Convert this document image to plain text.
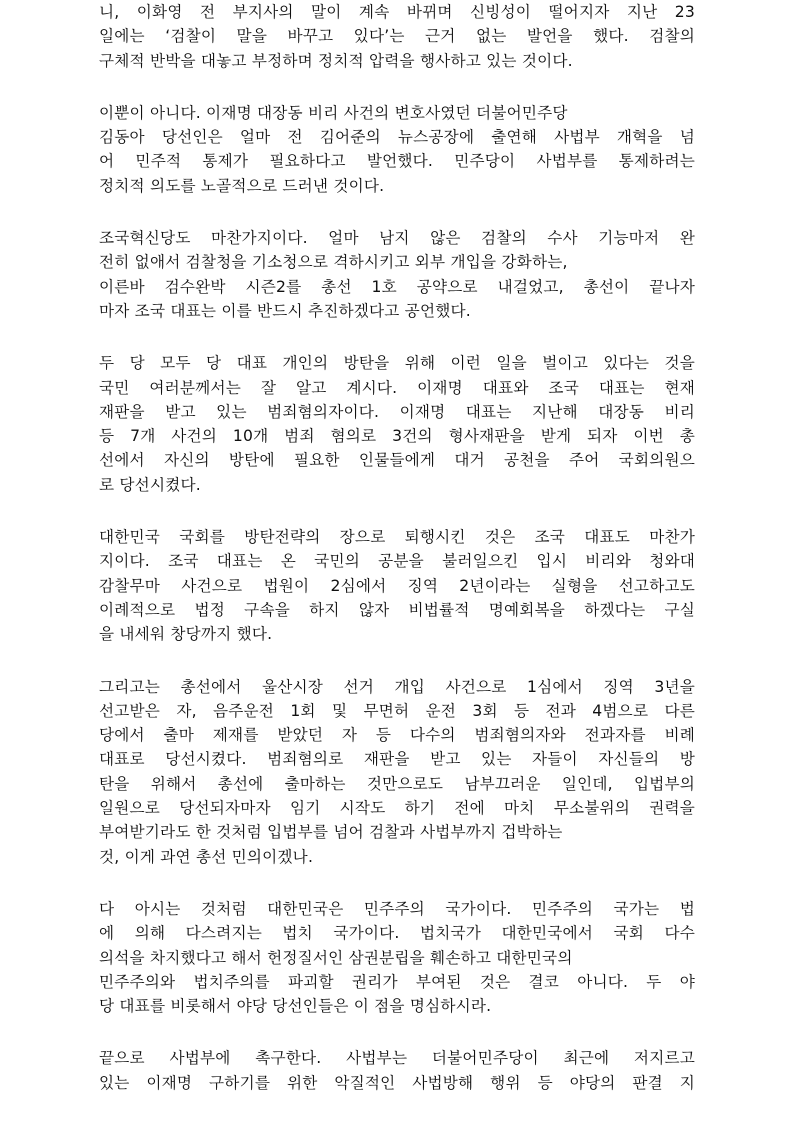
니, 이화영 전 부지사의 말이 계속 바뀌며 신빙성이 떨어지자 지난 23
일에는 ‘검찰이 말을 바꾸고 있다’는 근거 없는 발언을 했다. 검찰의
구체적 반박을 대놓고 부정하며 정치적 압력을 행사하고 있는 것이다.
이뿐이 아니다. 이재명 대장동 비리 사건의 변호사였던 더불어민주당
김동아 당선인은 얼마 전 김어준의 뉴스공장에 출연해 사법부 개혁을 넘
어 민주적 통제가 필요하다고 발언했다. 민주당이 사법부를 통제하려는
정치적 의도를 노골적으로 드러낸 것이다.
조국혁신당도 마찬가지이다. 얼마 남지 않은 검찰의 수사 기능마저 완
전히 없애서 검찰청을 기소청으로 격하시키고 외부 개입을 강화하는,
이른바 검수완박 시즌2를 총선 1호 공약으로 내걸었고, 총선이 끝나자
마자 조국 대표는 이를 반드시 추진하겠다고 공언했다.
두 당 모두 당 대표 개인의 방탄을 위해 이런 일을 벌이고 있다는 것을
국민 여러분께서는 잘 알고 계시다. 이재명 대표와 조국 대표는 현재
재판을 받고 있는 범죄혐의자이다. 이재명 대표는 지난해 대장동 비리
등 7개 사건의 10개 범죄 혐의로 3건의 형사재판을 받게 되자 이번 총
선에서 자신의 방탄에 필요한 인물들에게 대거 공천을 주어 국회의원으
로 당선시켰다.
대한민국 국회를 방탄전략의 장으로 퇴행시킨 것은 조국 대표도 마찬가
지이다. 조국 대표는 온 국민의 공분을 불러일으킨 입시 비리와 청와대
감찰무마 사건으로 법원이 2심에서 징역 2년이라는 실형을 선고하고도
이례적으로 법정 구속을 하지 않자 비법률적 명예회복을 하겠다는 구실
을 내세워 창당까지 했다.
그리고는 총선에서 울산시장 선거 개입 사건으로 1심에서 징역 3년을
선고받은 자, 음주운전 1회 및 무면허 운전 3회 등 전과 4범으로 다른
당에서 출마 제재를 받았던 자 등 다수의 범죄혐의자와 전과자를 비례
대표로 당선시켰다. 범죄혐의로 재판을 받고 있는 자들이 자신들의 방
탄을 위해서 총선에 출마하는 것만으로도 남부끄러운 일인데, 입법부의
일원으로 당선되자마자 임기 시작도 하기 전에 마치 무소불위의 권력을
부여받기라도 한 것처럼 입법부를 넘어 검찰과 사법부까지 겁박하는
것, 이게 과연 총선 민의이겠나.
다 아시는 것처럼 대한민국은 민주주의 국가이다. 민주주의 국가는 법
에 의해 다스려지는 법치 국가이다. 법치국가 대한민국에서 국회 다수
의석을 차지했다고 해서 헌정질서인 삼권분립을 훼손하고 대한민국의
민주주의와 법치주의를 파괴할 권리가 부여된 것은 결코 아니다. 두 야
당 대표를 비롯해서 야당 당선인들은 이 점을 명심하시라.
끝으로 사법부에 촉구한다. 사법부는 더불어민주당이 최근에 저지르고
있는 이재명 구하기를 위한 악질적인 사법방해 행위 등 야당의 판결 지
